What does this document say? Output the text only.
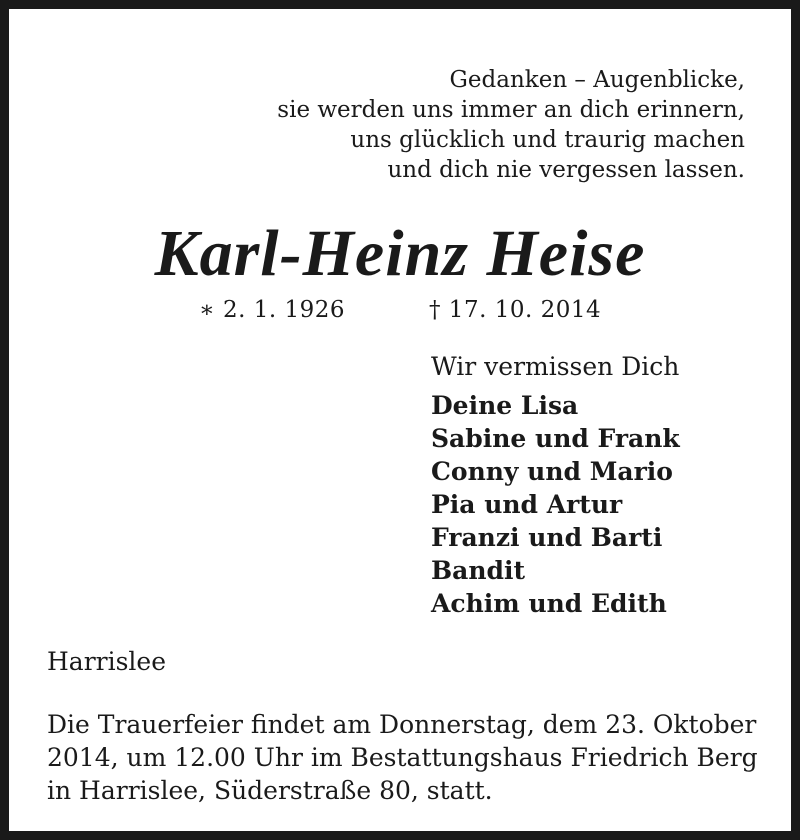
Gedanken – Augenblicke,
sie werden uns immer an dich erinnern,
uns glücklich und traurig machen
und dich nie vergessen lassen.
Karl-Heinz Heise
∗ 2. 1. 1926	† 17. 10. 2014
Wir vermissen Dich
Deine Lisa
Sabine und Frank
Conny und Mario
Pia und Artur
Franzi und Barti
Bandit
Achim und Edith
Harrislee
Die Trauerfeier findet am Donnerstag, dem 23. Oktober
2014, um 12.00 Uhr im Bestattungshaus Friedrich Berg
in Harrislee, Süderstraße 80, statt.
